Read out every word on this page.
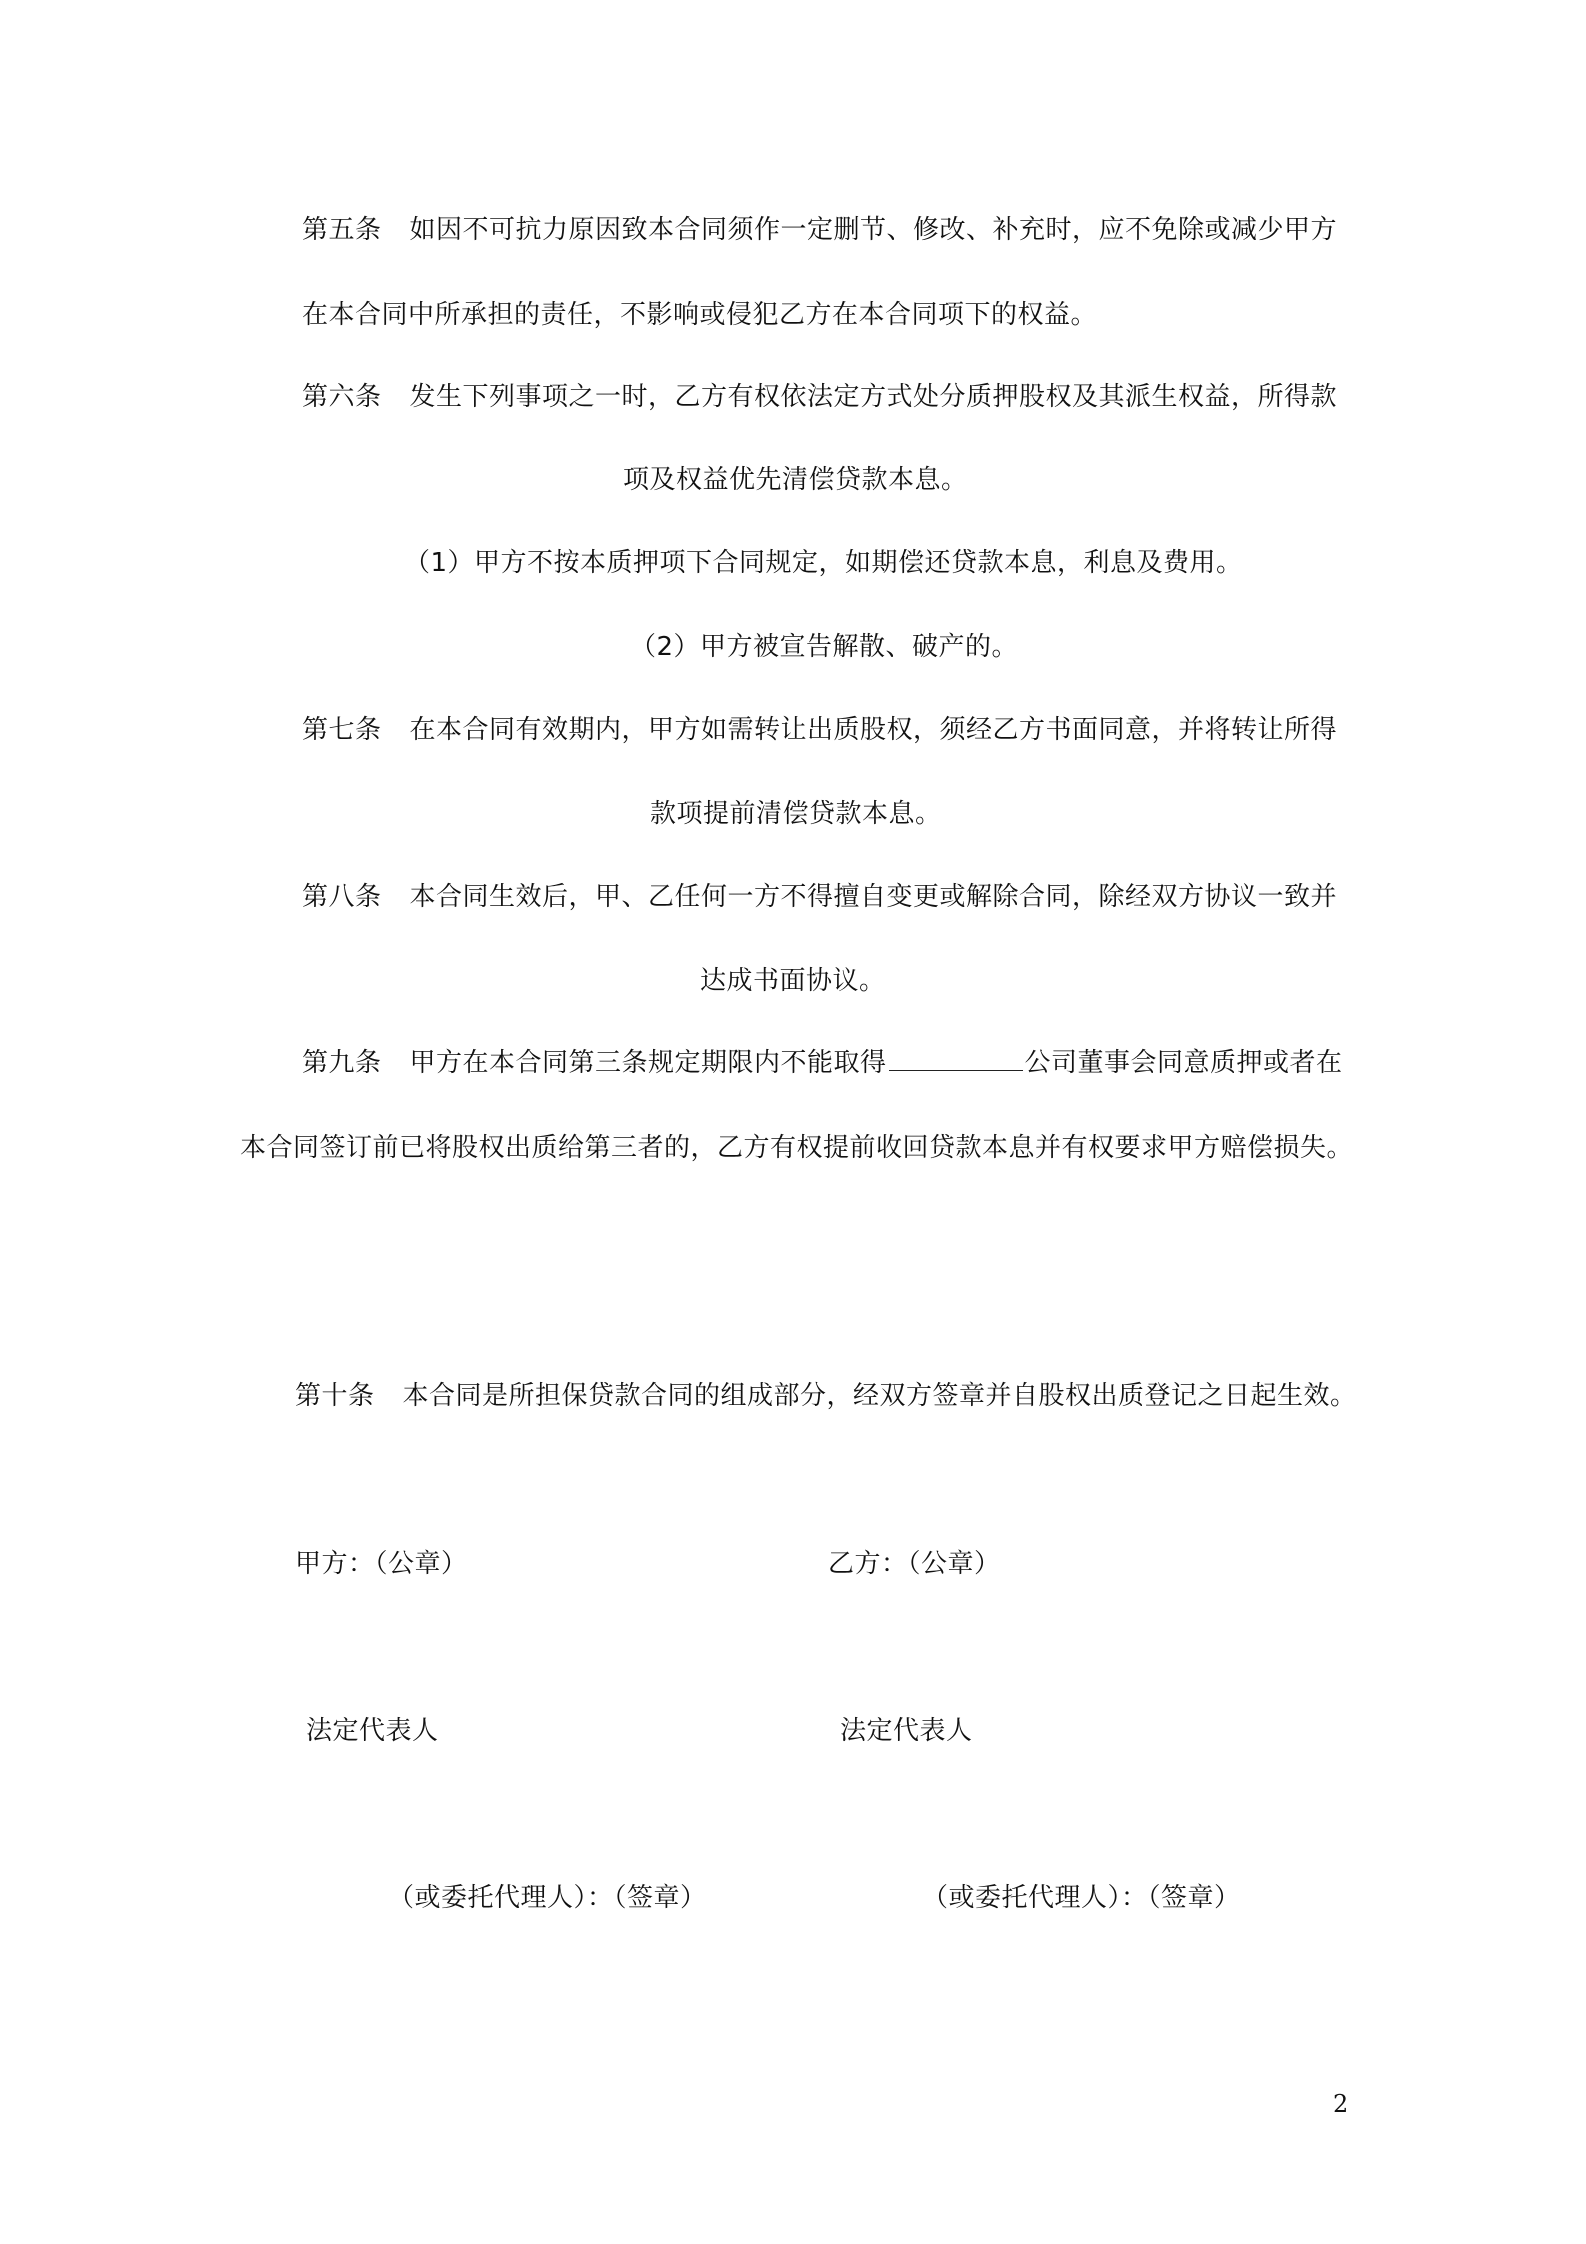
第五条 如因不可抗力原因致本合同须作一定删节、修改、补充时，应不免除或减少甲方
在本合同中所承担的责任，不影响或侵犯乙方在本合同项下的权益。
第六条 发生下列事项之一时，乙方有权依法定方式处分质押股权及其派生权益，所得款
项及权益优先清偿贷款本息。
（1）甲方不按本质押项下合同规定，如期偿还贷款本息，利息及费用。
（2）甲方被宣告解散、破产的。
第七条 在本合同有效期内，甲方如需转让出质股权，须经乙方书面同意，并将转让所得
款项提前清偿贷款本息。
第八条 本合同生效后，甲、乙任何一方不得擅自变更或解除合同，除经双方协议一致并
达成书面协议。
第九条 甲方在本合同第三条规定期限内不能取得	公司董事会同意质押或者在
本合同签订前已将股权出质给第三者的，乙方有权提前收回贷款本息并有权要求甲方赔偿损失。
第十条 本合同是所担保贷款合同的组成部分，经双方签章并自股权出质登记之日起生效。
甲方：（公章）	乙方：（公章）
法定代表人	法定代表人
（或委托代理人）：（签章）	（或委托代理人）：（签章）
2
